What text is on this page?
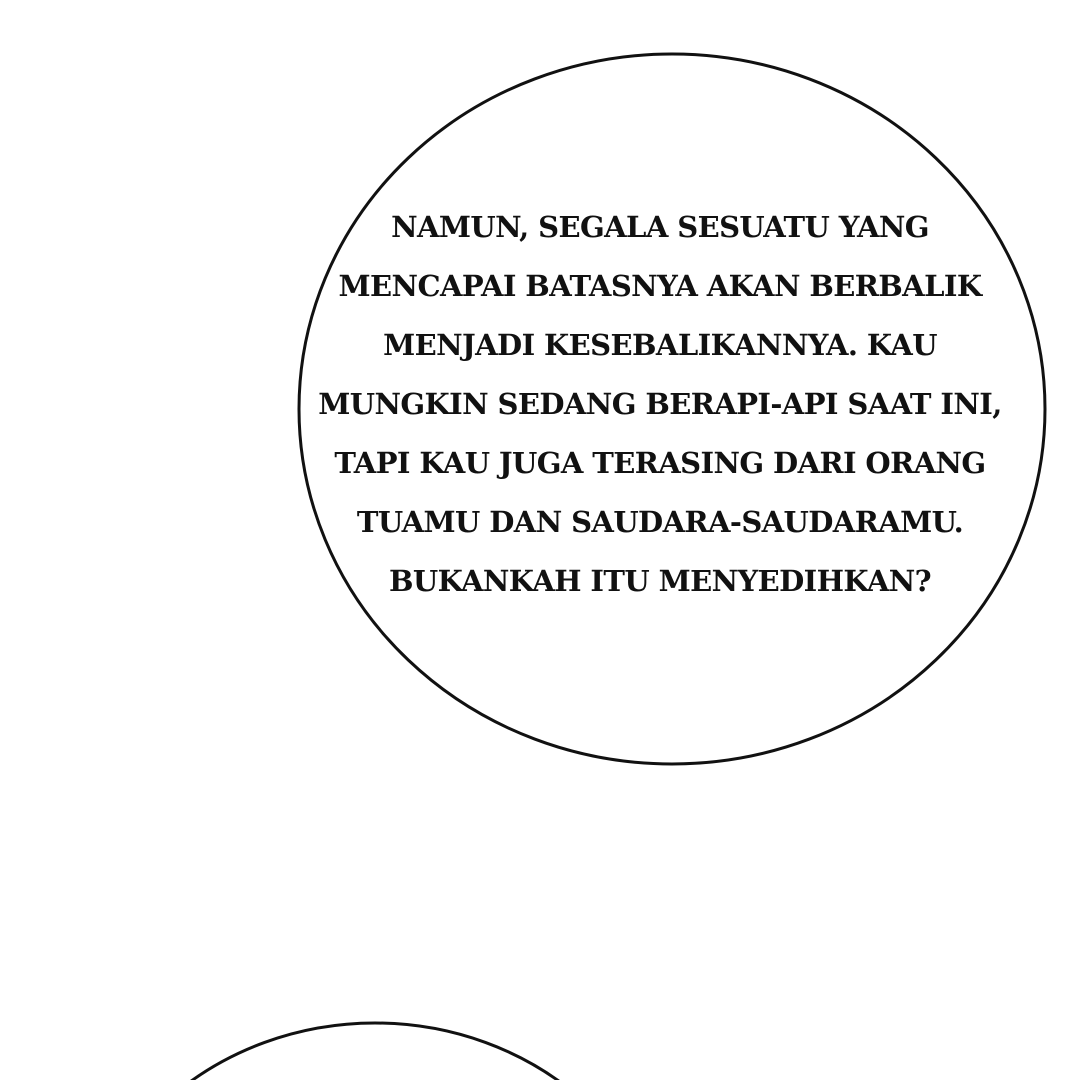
NAMUN, SEGALA SESUATU YANG
MENCAPAI BATASNYA AKAN BERBALIK
MENJADI KESEBALIKANNYA. KAU
MUNGKIN SEDANG BERAPI-API SAAT INI,
TAPI KAU JUGA TERASING DARI ORANG
TUAMU DAN SAUDARA-SAUDARAMU.
BUKANKAH ITU MENYEDIHKAN?
